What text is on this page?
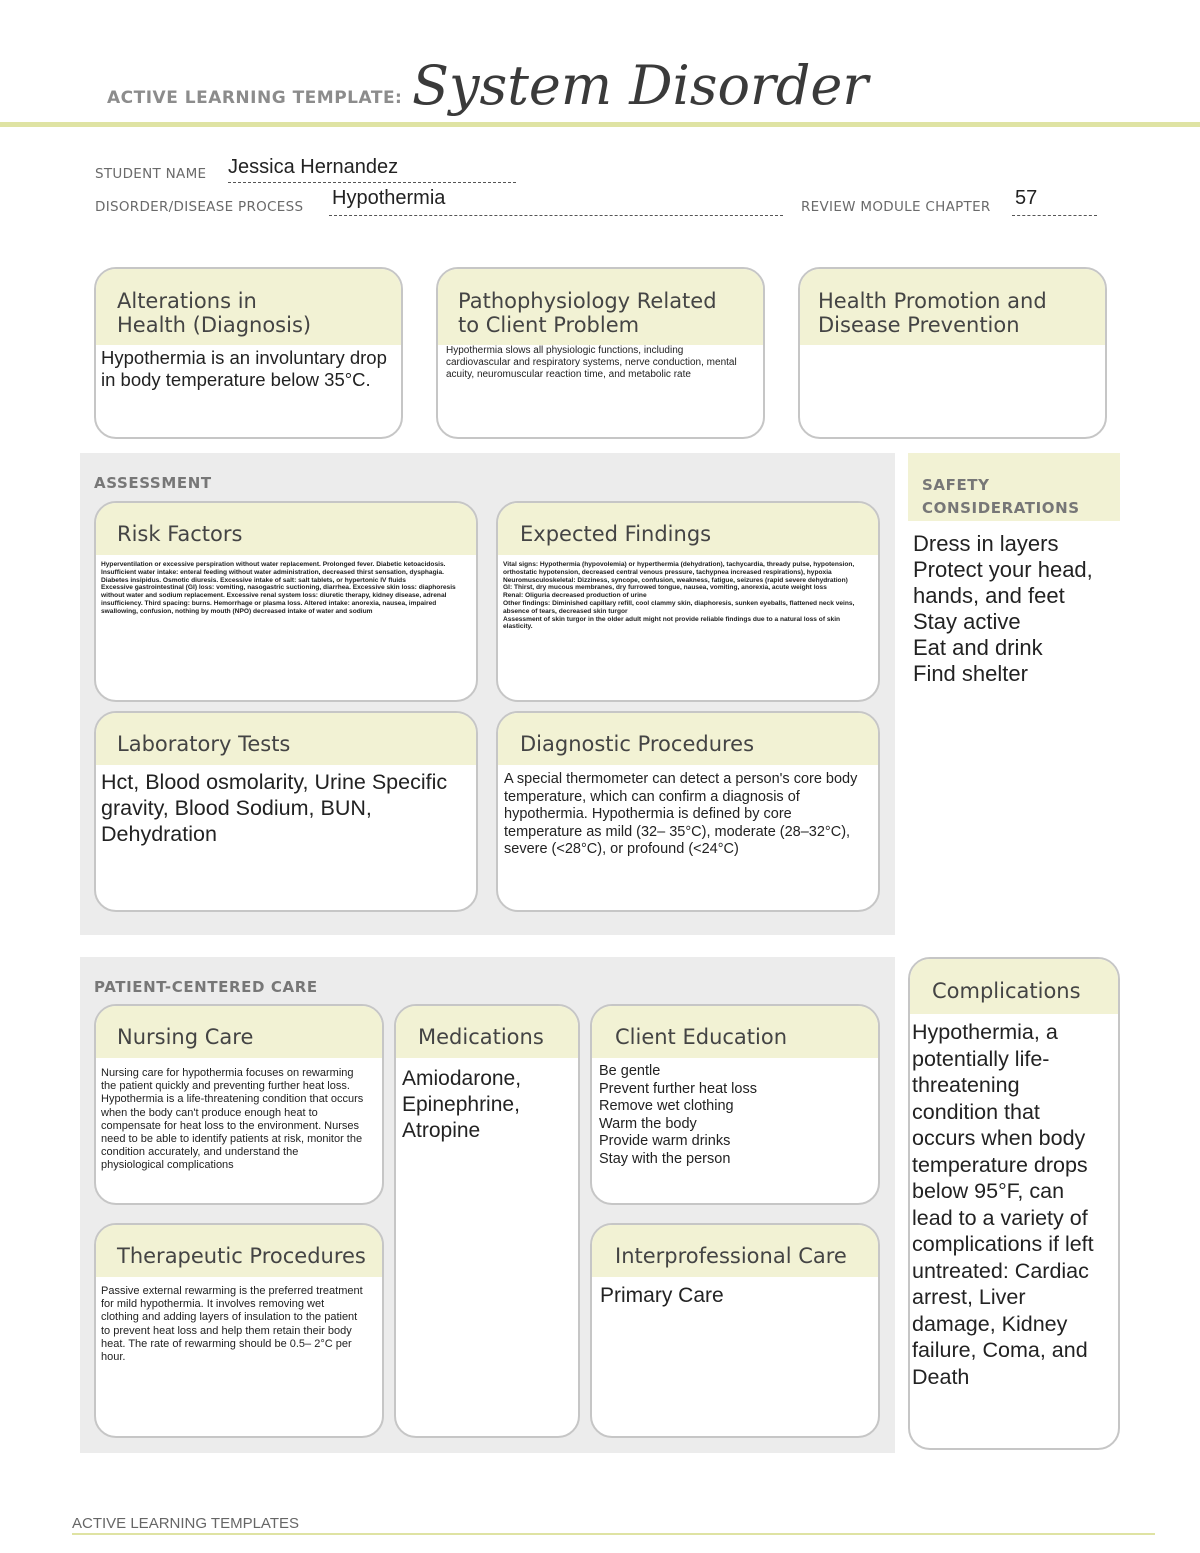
ACTIVE LEARNING TEMPLATE: System Disorder
STUDENT NAME Jessica Hernandez
DISORDER/DISEASE PROCESS Hypothermia	REVIEW MODULE CHAPTER 57
Alterations in
Health (Diagnosis)
Hypothermia is an involuntary drop in body temperature below 35°C.
Pathophysiology Related
to Client Problem
Hypothermia slows all physiologic functions, including cardiovascular and respiratory systems, nerve conduction, mental acuity, neuromuscular reaction time, and metabolic rate
Health Promotion and
Disease Prevention
ASSESSMENT
Risk Factors
Hyperventilation or excessive perspiration without water replacement. Prolonged fever. Diabetic ketoacidosis. Insufficient water intake: enteral feeding without water administration, decreased thirst sensation, dysphagia. Diabetes insipidus. Osmotic diuresis. Excessive intake of salt: salt tablets, or hypertonic IV fluids
Excessive gastrointestinal (GI) loss: vomiting, nasogastric suctioning, diarrhea. Excessive skin loss: diaphoresis without water and sodium replacement. Excessive renal system loss: diuretic therapy, kidney disease, adrenal insufficiency. Third spacing: burns. Hemorrhage or plasma loss. Altered intake: anorexia, nausea, impaired swallowing, confusion, nothing by mouth (NPO) decreased intake of water and sodium
Expected Findings
Vital signs: Hypothermia (hypovolemia) or hyperthermia (dehydration), tachycardia, thready pulse, hypotension, orthostatic hypotension, decreased central venous pressure, tachypnea increased respirations), hypoxia
Neuromusculoskeletal: Dizziness, syncope, confusion, weakness, fatigue, seizures (rapid severe dehydration)
GI: Thirst, dry mucous membranes, dry furrowed tongue, nausea, vomiting, anorexia, acute weight loss
Renal: Oliguria decreased production of urine
Other findings: Diminished capillary refill, cool clammy skin, diaphoresis, sunken eyeballs, flattened neck veins, absence of tears, decreased skin turgor
Assessment of skin turgor in the older adult might not provide reliable findings due to a natural loss of skin elasticity.
Laboratory Tests
Hct, Blood osmolarity, Urine Specific gravity, Blood Sodium, BUN, Dehydration
Diagnostic Procedures
A special thermometer can detect a person's core body temperature, which can confirm a diagnosis of hypothermia. Hypothermia is defined by core temperature as mild (32– 35°C), moderate (28–32°C), severe (<28°C), or profound (<24°C)
SAFETY
CONSIDERATIONS
Dress in layers
Protect your head, hands, and feet
Stay active
Eat and drink
Find shelter
PATIENT-CENTERED CARE
Nursing Care
Nursing care for hypothermia focuses on rewarming the patient quickly and preventing further heat loss. Hypothermia is a life-threatening condition that occurs when the body can't produce enough heat to compensate for heat loss to the environment. Nurses need to be able to identify patients at risk, monitor the condition accurately, and understand the physiological complications
Medications
Amiodarone, Epinephrine, Atropine
Client Education
Be gentle
Prevent further heat loss
Remove wet clothing
Warm the body
Provide warm drinks
Stay with the person
Therapeutic Procedures
Passive external rewarming is the preferred treatment for mild hypothermia. It involves removing wet clothing and adding layers of insulation to the patient to prevent heat loss and help them retain their body heat. The rate of rewarming should be 0.5– 2°C per hour.
Interprofessional Care
Primary Care
Complications
Hypothermia, a potentially life-threatening condition that occurs when body temperature drops below 95°F, can lead to a variety of complications if left untreated: Cardiac arrest, Liver damage, Kidney failure, Coma, and Death
ACTIVE LEARNING TEMPLATES
